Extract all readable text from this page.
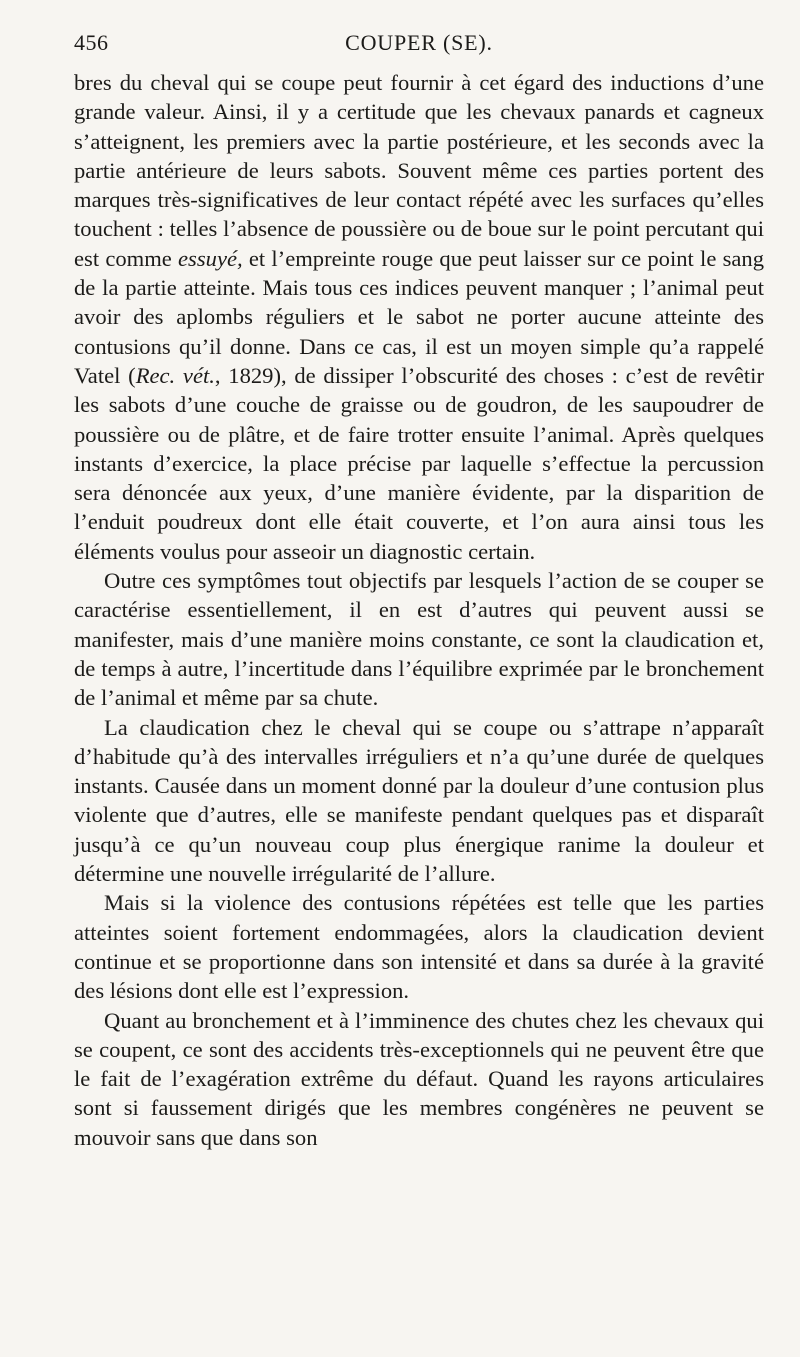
456	COUPER (SE).

bres du cheval qui se coupe peut fournir à cet égard des inductions d’une grande valeur. Ainsi, il y a certitude que les chevaux panards et cagneux s’atteignent, les premiers avec la partie postérieure, et les seconds avec la partie antérieure de leurs sabots. Souvent même ces parties portent des marques très-significatives de leur contact répété avec les surfaces qu’elles touchent : telles l’absence de poussière ou de boue sur le point percutant qui est comme essuyé, et l’empreinte rouge que peut laisser sur ce point le sang de la partie atteinte. Mais tous ces indices peuvent manquer ; l’animal peut avoir des aplombs réguliers et le sabot ne porter aucune atteinte des contusions qu’il donne. Dans ce cas, il est un moyen simple qu’a rappelé Vatel (Rec. vét., 1829), de dissiper l’obscurité des choses : c’est de revêtir les sabots d’une couche de graisse ou de goudron, de les saupoudrer de poussière ou de plâtre, et de faire trotter ensuite l’animal. Après quelques instants d’exercice, la place précise par laquelle s’effectue la percussion sera dénoncée aux yeux, d’une manière évidente, par la disparition de l’enduit poudreux dont elle était couverte, et l’on aura ainsi tous les éléments voulus pour asseoir un diagnostic certain.

Outre ces symptômes tout objectifs par lesquels l’action de se couper se caractérise essentiellement, il en est d’autres qui peuvent aussi se manifester, mais d’une manière moins constante, ce sont la claudication et, de temps à autre, l’incertitude dans l’équilibre exprimée par le bronchement de l’animal et même par sa chute.

La claudication chez le cheval qui se coupe ou s’attrape n’apparaît d’habitude qu’à des intervalles irréguliers et n’a qu’une durée de quelques instants. Causée dans un moment donné par la douleur d’une contusion plus violente que d’autres, elle se manifeste pendant quelques pas et disparaît jusqu’à ce qu’un nouveau coup plus énergique ranime la douleur et détermine une nouvelle irrégularité de l’allure.

Mais si la violence des contusions répétées est telle que les parties atteintes soient fortement endommagées, alors la claudication devient continue et se proportionne dans son intensité et dans sa durée à la gravité des lésions dont elle est l’expression.

Quant au bronchement et à l’imminence des chutes chez les chevaux qui se coupent, ce sont des accidents très-exceptionnels qui ne peuvent être que le fait de l’exagération extrême du défaut. Quand les rayons articulaires sont si faussement dirigés que les membres congénères ne peuvent se mouvoir sans que dans son
